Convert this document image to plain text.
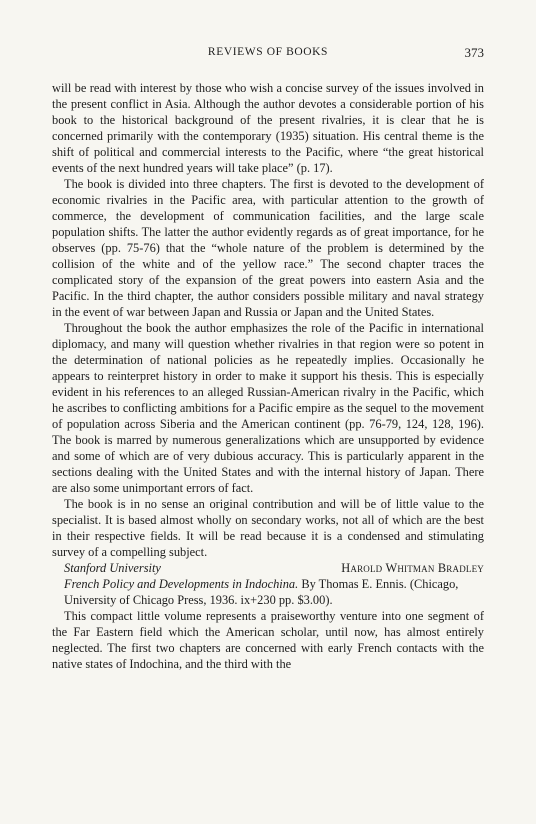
REVIEWS OF BOOKS	373

will be read with interest by those who wish a concise survey of the issues involved in the present conflict in Asia. Although the author devotes a considerable portion of his book to the historical background of the present rivalries, it is clear that he is concerned primarily with the contemporary (1935) situation. His central theme is the shift of political and commercial interests to the Pacific, where “the great historical events of the next hundred years will take place” (p. 17).

The book is divided into three chapters. The first is devoted to the development of economic rivalries in the Pacific area, with particular attention to the growth of commerce, the development of communication facilities, and the large scale population shifts. The latter the author evidently regards as of great importance, for he observes (pp. 75-76) that the “whole nature of the problem is determined by the collision of the white and of the yellow race.” The second chapter traces the complicated story of the expansion of the great powers into eastern Asia and the Pacific. In the third chapter, the author considers possible military and naval strategy in the event of war between Japan and Russia or Japan and the United States.

Throughout the book the author emphasizes the role of the Pacific in international diplomacy, and many will question whether rivalries in that region were so potent in the determination of national policies as he repeatedly implies. Occasionally he appears to reinterpret history in order to make it support his thesis. This is especially evident in his references to an alleged Russian-American rivalry in the Pacific, which he ascribes to conflicting ambitions for a Pacific empire as the sequel to the movement of population across Siberia and the American continent (pp. 76-79, 124, 128, 196). The book is marred by numerous generalizations which are unsupported by evidence and some of which are of very dubious accuracy. This is particularly apparent in the sections dealing with the United States and with the internal history of Japan. There are also some unimportant errors of fact.

The book is in no sense an original contribution and will be of little value to the specialist. It is based almost wholly on secondary works, not all of which are the best in their respective fields. It will be read because it is a condensed and stimulating survey of a compelling subject.

Stanford University	Harold Whitman Bradley

French Policy and Developments in Indochina. By Thomas E. Ennis. (Chicago, University of Chicago Press, 1936. ix+230 pp. $3.00).

This compact little volume represents a praiseworthy venture into one segment of the Far Eastern field which the American scholar, until now, has almost entirely neglected. The first two chapters are concerned with early French contacts with the native states of Indochina, and the third with the
